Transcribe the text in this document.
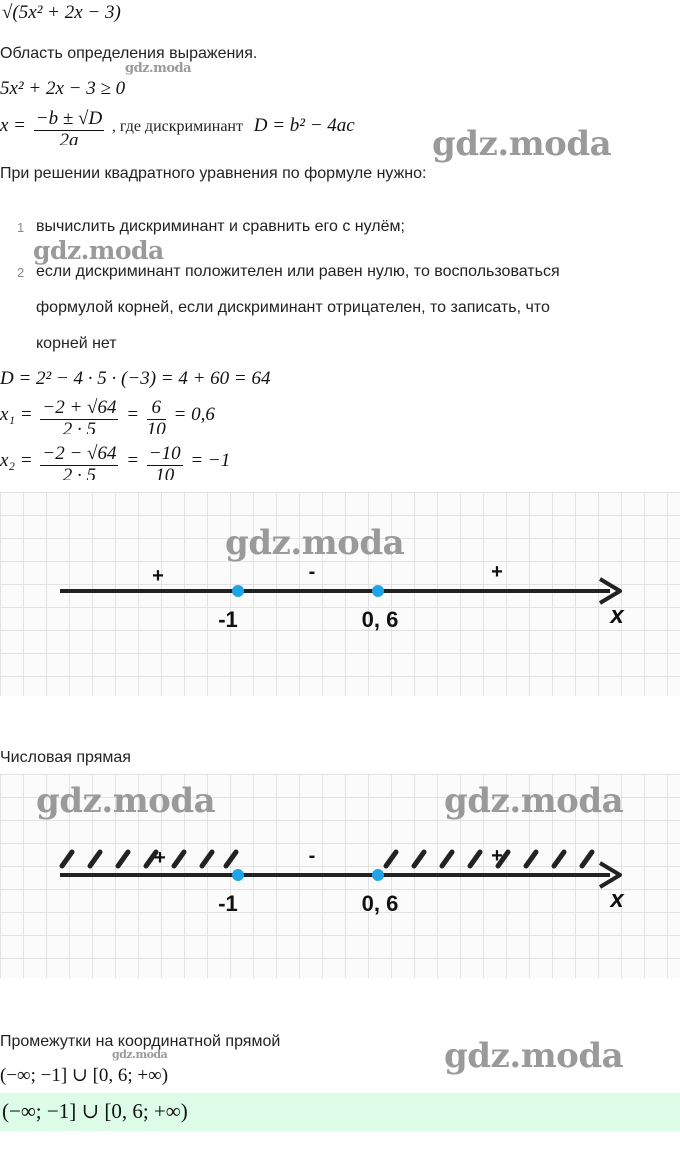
√(5x² + 2x − 3)
Область определения выражения.
gdz.moda
5x² + 2x − 3 ≥ 0
$x = \frac{-b \pm √D}{2a}$ , где дискриминант D = b² − 4ac gdz.moda
При решении квадратного уравнения по формуле нужно:
1 вычислить дискриминант и сравнить его с нулём;
gdz.moda
2 если дискриминант положителен или равен нулю, то воспользоваться
формулой корней, если дискриминант отрицателен, то записать, что
корней нет
D = 2² − 4 · 5 · (−3) = 4 + 60 = 64
$x_1 = \frac{-2 + √64}{2 \cdot 5} = \frac{6}{10} = 0,6$
$x_2 = \frac{-2 - √64}{2 \cdot 5} = \frac{-10}{10} = -1$
+	-	+
-1	0, 6	x
gdz.moda
Числовая прямая
+	-	+
-1	0, 6	x
gdz.moda	gdz.moda
Промежутки на координатной прямой
gdz.moda	gdz.moda
(−∞; −1] ∪ [0, 6; +∞)
(−∞; −1] ∪ [0, 6; +∞)
